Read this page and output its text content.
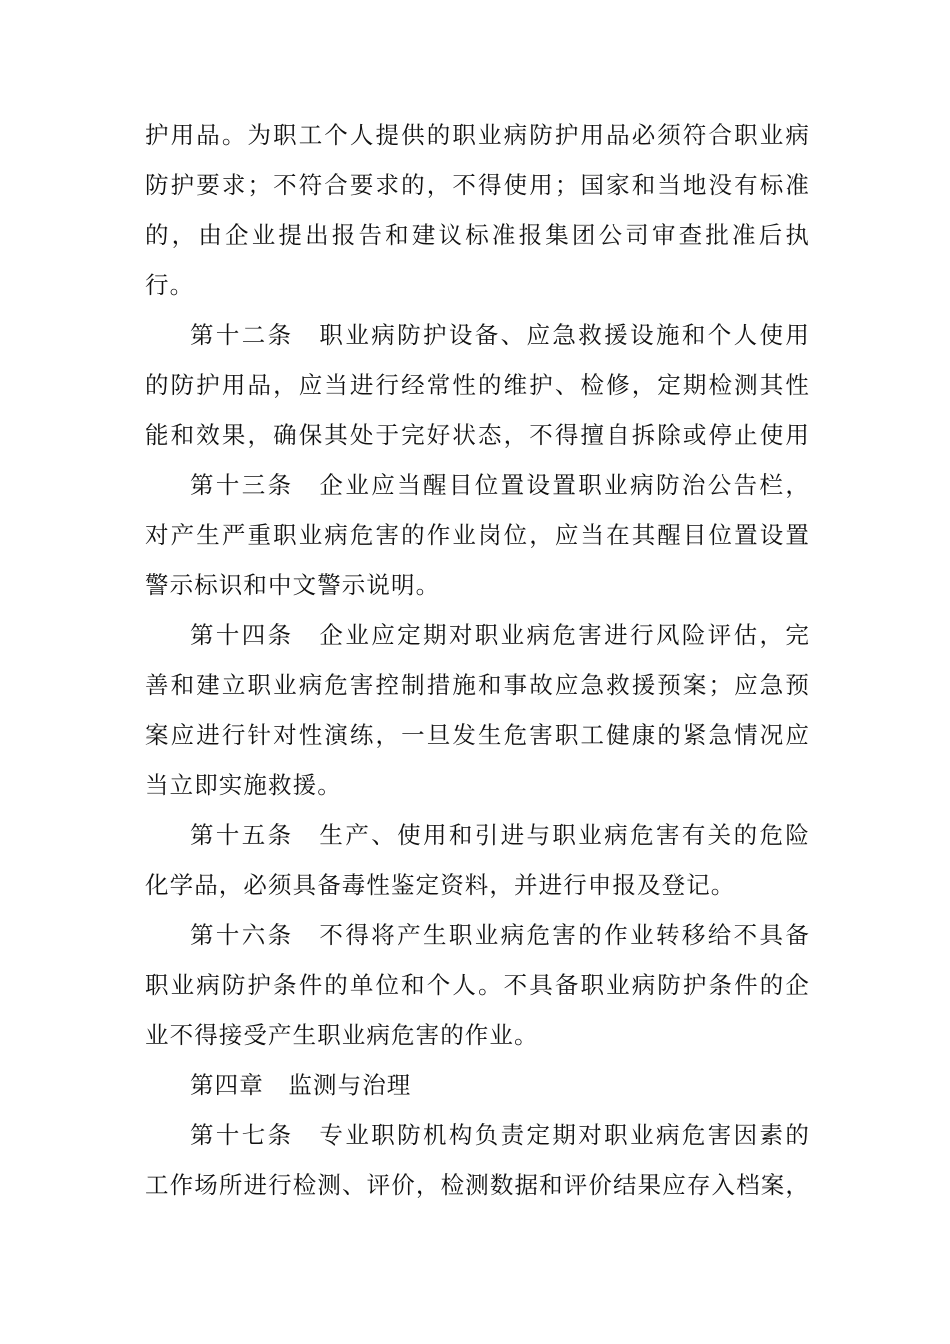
护用品。为职工个人提供的职业病防护用品必须符合职业病
防护要求；不符合要求的，不得使用；国家和当地没有标准
的，由企业提出报告和建议标准报集团公司审查批准后执
行。
第十二条　职业病防护设备、应急救援设施和个人使用
的防护用品，应当进行经常性的维护、检修，定期检测其性
能和效果，确保其处于完好状态，不得擅自拆除或停止使用
第十三条　企业应当醒目位置设置职业病防治公告栏，
对产生严重职业病危害的作业岗位，应当在其醒目位置设置
警示标识和中文警示说明。
第十四条　企业应定期对职业病危害进行风险评估，完
善和建立职业病危害控制措施和事故应急救援预案；应急预
案应进行针对性演练，一旦发生危害职工健康的紧急情况应
当立即实施救援。
第十五条　生产、使用和引进与职业病危害有关的危险
化学品，必须具备毒性鉴定资料，并进行申报及登记。
第十六条　不得将产生职业病危害的作业转移给不具备
职业病防护条件的单位和个人。不具备职业病防护条件的企
业不得接受产生职业病危害的作业。
第四章　监测与治理
第十七条　专业职防机构负责定期对职业病危害因素的
工作场所进行检测、评价，检测数据和评价结果应存入档案，
